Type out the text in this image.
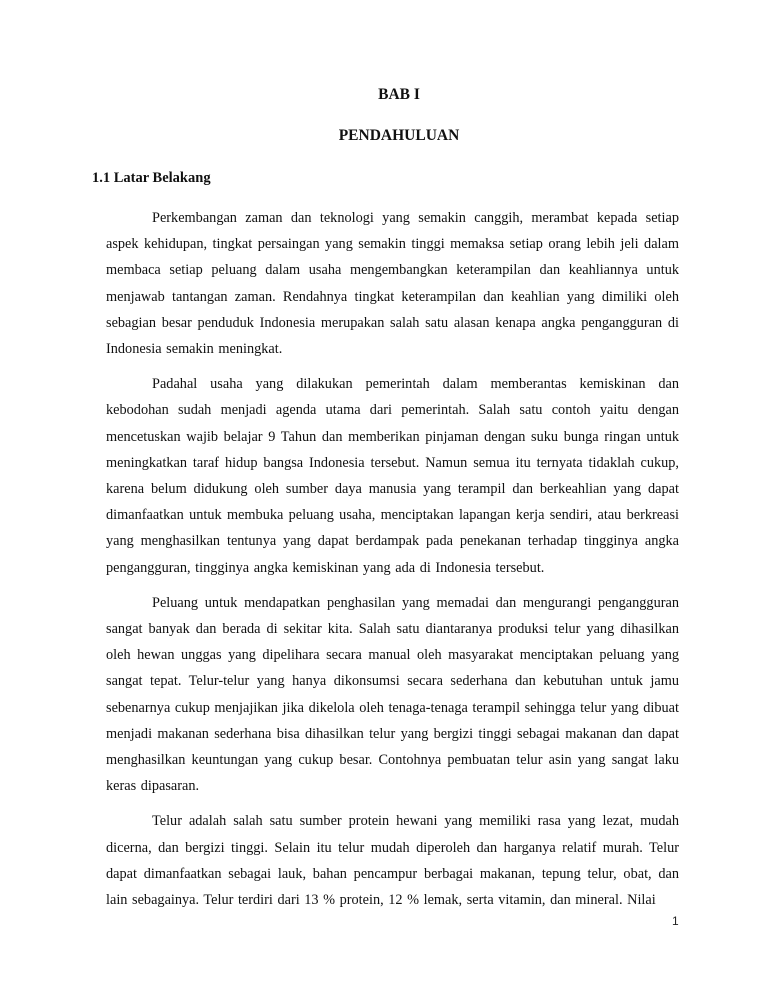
BAB I
PENDAHULUAN
1.1 Latar Belakang

Perkembangan zaman dan teknologi yang semakin canggih, merambat kepada setiap aspek kehidupan, tingkat persaingan yang semakin tinggi memaksa setiap orang lebih jeli dalam membaca setiap peluang dalam usaha mengembangkan keterampilan dan keahliannya untuk menjawab tantangan zaman. Rendahnya tingkat keterampilan dan keahlian yang dimiliki oleh sebagian besar penduduk Indonesia merupakan salah satu alasan kenapa angka pengangguran di Indonesia semakin meningkat.

Padahal usaha yang dilakukan pemerintah dalam memberantas kemiskinan dan kebodohan sudah menjadi agenda utama dari pemerintah. Salah satu contoh yaitu dengan mencetuskan wajib belajar 9 Tahun dan memberikan pinjaman dengan suku bunga ringan untuk meningkatkan taraf hidup bangsa Indonesia tersebut. Namun semua itu ternyata tidaklah cukup, karena belum didukung oleh sumber daya manusia yang terampil dan berkeahlian yang dapat dimanfaatkan untuk membuka peluang usaha, menciptakan lapangan kerja sendiri, atau berkreasi yang menghasilkan tentunya yang dapat berdampak pada penekanan terhadap tingginya angka pengangguran, tingginya angka kemiskinan yang ada di Indonesia tersebut.

Peluang untuk mendapatkan penghasilan yang memadai dan mengurangi pengangguran sangat banyak dan berada di sekitar kita. Salah satu diantaranya produksi telur yang dihasilkan oleh hewan unggas yang dipelihara secara manual oleh masyarakat menciptakan peluang yang sangat tepat. Telur-telur yang hanya dikonsumsi secara sederhana dan kebutuhan untuk jamu sebenarnya cukup menjajikan jika dikelola oleh tenaga-tenaga terampil sehingga telur yang dibuat menjadi makanan sederhana bisa dihasilkan telur yang bergizi tinggi sebagai makanan dan dapat menghasilkan keuntungan yang cukup besar. Contohnya pembuatan telur asin yang sangat laku keras dipasaran.

Telur adalah salah satu sumber protein hewani yang memiliki rasa yang lezat, mudah dicerna, dan bergizi tinggi. Selain itu telur mudah diperoleh dan harganya relatif murah. Telur dapat dimanfaatkan sebagai lauk, bahan pencampur berbagai makanan, tepung telur, obat, dan lain sebagainya. Telur terdiri dari 13 % protein, 12 % lemak, serta vitamin, dan mineral. Nilai

1
